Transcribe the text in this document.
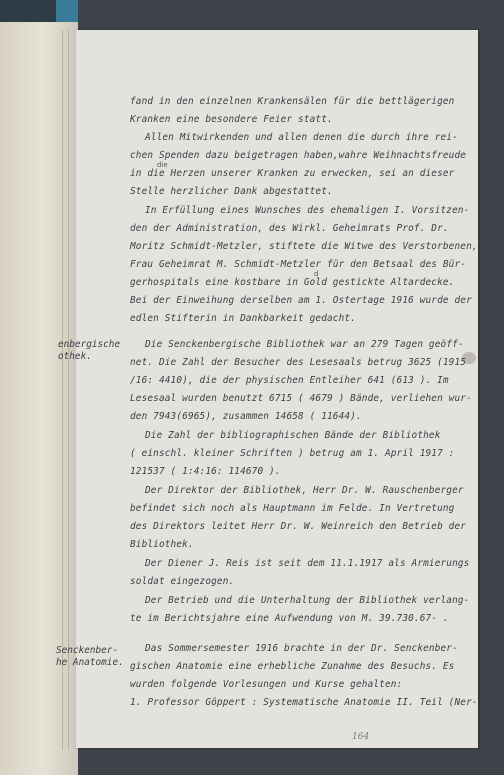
enbergische
othek.
Senckenber-
he Anatomie.
fand in den einzelnen Krankensälen für die bettlägerigen
Kranken eine besondere Feier statt.
Allen Mitwirkenden und allen denen die durch ihre rei-
chen Spenden dazu beigetragen haben,wahre Weihnachtsfreude
in die Herzen unserer Kranken zu erwecken, sei an dieser
Stelle herzlicher Dank abgestattet.
In Erfüllung eines Wunsches des ehemaligen I. Vorsitzen-
den der Administration, des Wirkl. Geheimrats Prof. Dr.
Moritz Schmidt-Metzler, stiftete die Witwe des Verstorbenen,
Frau Geheimrat M. Schmidt-Metzler für den Betsaal des Bür-
gerhospitals eine kostbare in Gold gestickte Altardecke.
Bei der Einweihung derselben am 1. Ostertage 1916 wurde der
edlen Stifterin in Dankbarkeit gedacht.
Die Senckenbergische Bibliothek war an 279 Tagen geöff-
net. Die Zahl der Besucher des Lesesaals betrug 3625 (1915
/16: 4410), die der physischen Entleiher 641 (613 ). Im
Lesesaal wurden benutzt 6715 ( 4679 ) Bände, verliehen wur-
den 7943(6965), zusammen 14658 ( 11644).
Die Zahl der bibliographischen Bände der Bibliothek
( einschl. kleiner Schriften ) betrug am 1. April 1917 :
121537 ( 1:4:16: 114670 ).
Der Direktor der Bibliothek, Herr Dr. W. Rauschenberger
befindet sich noch als Hauptmann im Felde. In Vertretung
des Direktors leitet Herr Dr. W. Weinreich den Betrieb der
Bibliothek.
Der Diener J. Reis ist seit dem 11.1.1917 als Armierungs
soldat eingezogen.
Der Betrieb und die Unterhaltung der Bibliothek verlang-
te im Berichtsjahre eine Aufwendung von M. 39.730.67- .
Das Sommersemester 1916 brachte in der Dr. Senckenber-
gischen Anatomie eine erhebliche Zunahme des Besuchs. Es
wurden folgende Vorlesungen und Kurse gehalten:
1. Professor Göppert : Systematische Anatomie II. Teil (Ner-
die
d
164
